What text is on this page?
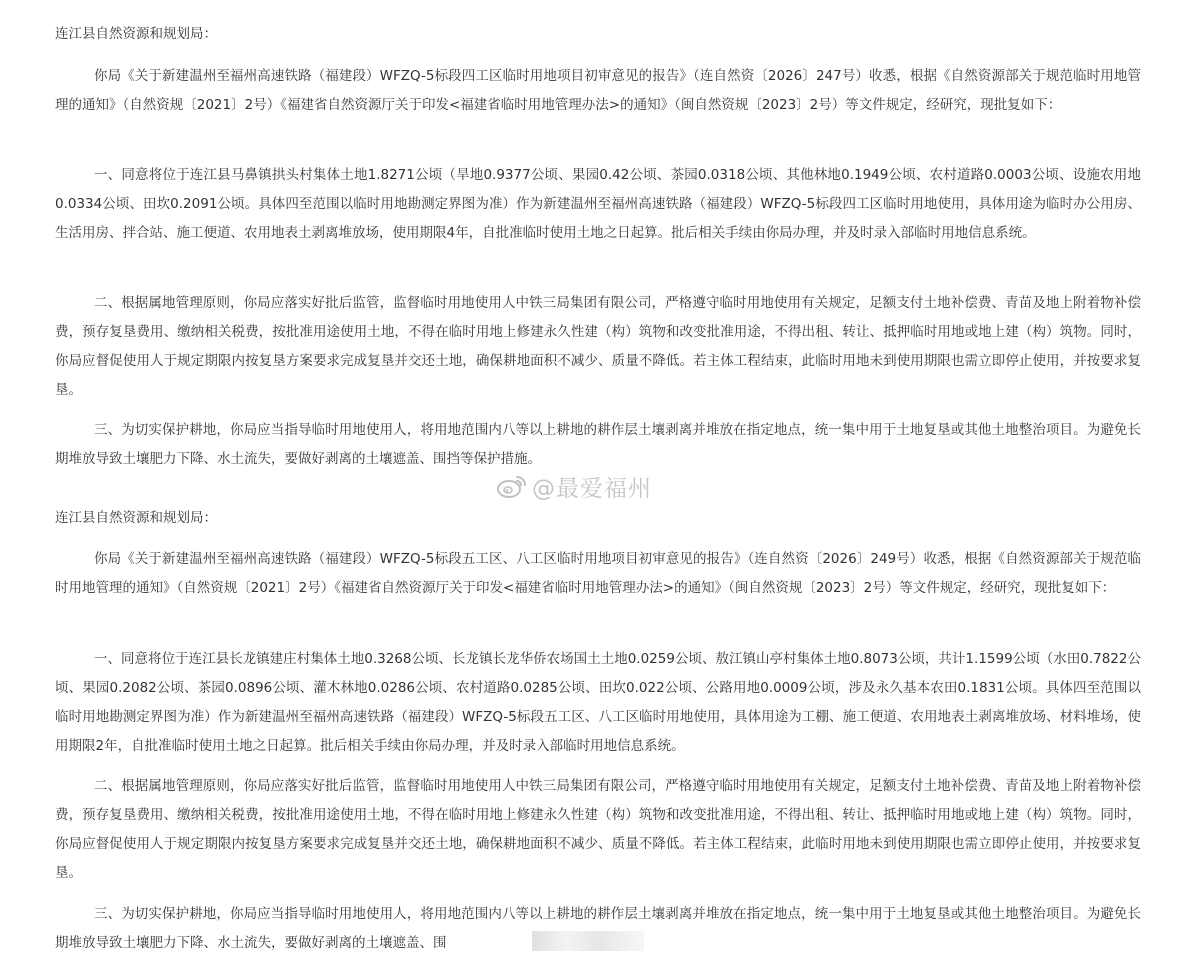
连江县自然资源和规划局：

你局《关于新建温州至福州高速铁路（福建段）WFZQ-5标段四工区临时用地项目初审意见的报告》（连自然资〔2026〕247号）收悉，根据《自然资源部关于规范临时用地管理的通知》（自然资规〔2021〕2号）《福建省自然资源厅关于印发<福建省临时用地管理办法>的通知》（闽自然资规〔2023〕2号）等文件规定，经研究，现批复如下：

一、同意将位于连江县马鼻镇拱头村集体土地1.8271公顷（旱地0.9377公顷、果园0.42公顷、茶园0.0318公顷、其他林地0.1949公顷、农村道路0.0003公顷、设施农用地0.0334公顷、田坎0.2091公顷。具体四至范围以临时用地勘测定界图为准）作为新建温州至福州高速铁路（福建段）WFZQ-5标段四工区临时用地使用，具体用途为临时办公用房、生活用房、拌合站、施工便道、农用地表土剥离堆放场，使用期限4年，自批准临时使用土地之日起算。批后相关手续由你局办理，并及时录入部临时用地信息系统。

二、根据属地管理原则，你局应落实好批后监管，监督临时用地使用人中铁三局集团有限公司，严格遵守临时用地使用有关规定，足额支付土地补偿费、青苗及地上附着物补偿费，预存复垦费用、缴纳相关税费，按批准用途使用土地，不得在临时用地上修建永久性建（构）筑物和改变批准用途，不得出租、转让、抵押临时用地或地上建（构）筑物。同时，你局应督促使用人于规定期限内按复垦方案要求完成复垦并交还土地，确保耕地面积不减少、质量不降低。若主体工程结束，此临时用地未到使用期限也需立即停止使用，并按要求复垦。

三、为切实保护耕地，你局应当指导临时用地使用人，将用地范围内八等以上耕地的耕作层土壤剥离并堆放在指定地点，统一集中用于土地复垦或其他土地整治项目。为避免长期堆放导致土壤肥力下降、水土流失，要做好剥离的土壤遮盖、围挡等保护措施。

@最爱福州

连江县自然资源和规划局：

你局《关于新建温州至福州高速铁路（福建段）WFZQ-5标段五工区、八工区临时用地项目初审意见的报告》（连自然资〔2026〕249号）收悉，根据《自然资源部关于规范临时用地管理的通知》（自然资规〔2021〕2号）《福建省自然资源厅关于印发<福建省临时用地管理办法>的通知》（闽自然资规〔2023〕2号）等文件规定，经研究，现批复如下：

一、同意将位于连江县长龙镇建庄村集体土地0.3268公顷、长龙镇长龙华侨农场国土土地0.0259公顷、敖江镇山亭村集体土地0.8073公顷，共计1.1599公顷（水田0.7822公顷、果园0.2082公顷、茶园0.0896公顷、灌木林地0.0286公顷、农村道路0.0285公顷、田坎0.022公顷、公路用地0.0009公顷，涉及永久基本农田0.1831公顷。具体四至范围以临时用地勘测定界图为准）作为新建温州至福州高速铁路（福建段）WFZQ-5标段五工区、八工区临时用地使用，具体用途为工棚、施工便道、农用地表土剥离堆放场、材料堆场，使用期限2年，自批准临时使用土地之日起算。批后相关手续由你局办理，并及时录入部临时用地信息系统。

二、根据属地管理原则，你局应落实好批后监管，监督临时用地使用人中铁三局集团有限公司，严格遵守临时用地使用有关规定，足额支付土地补偿费、青苗及地上附着物补偿费，预存复垦费用、缴纳相关税费，按批准用途使用土地，不得在临时用地上修建永久性建（构）筑物和改变批准用途，不得出租、转让、抵押临时用地或地上建（构）筑物。同时，你局应督促使用人于规定期限内按复垦方案要求完成复垦并交还土地，确保耕地面积不减少、质量不降低。若主体工程结束，此临时用地未到使用期限也需立即停止使用，并按要求复垦。

三、为切实保护耕地，你局应当指导临时用地使用人，将用地范围内八等以上耕地的耕作层土壤剥离并堆放在指定地点，统一集中用于土地复垦或其他土地整治项目。为避免长期堆放导致土壤肥力下降、水土流失，要做好剥离的土壤遮盖、围
